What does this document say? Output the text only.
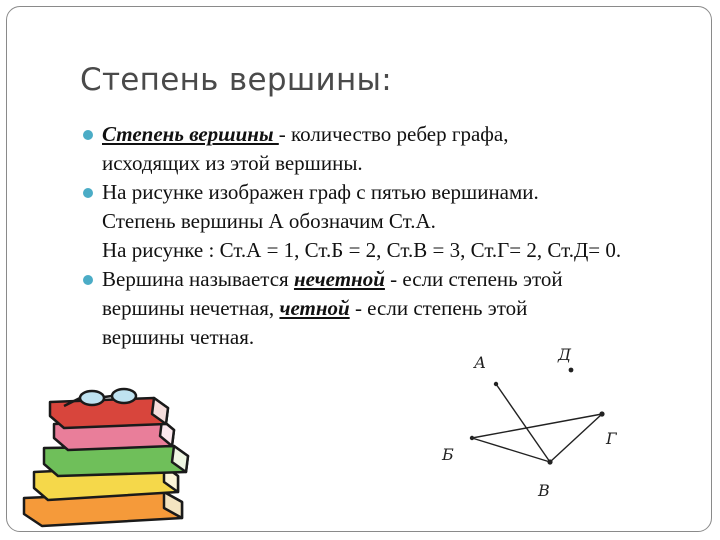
Степень вершины:
Степень вершины - количество ребер графа,
исходящих из этой вершины.
На рисунке изображен граф с пятью вершинами.
Степень вершины А обозначим Ст.А.
На рисунке : Ст.А = 1, Ст.Б = 2, Ст.В = 3, Ст.Г= 2, Ст.Д= 0.
Вершина называется нечетной - если степень этой
вершины нечетная, четной - если степень этой
вершины четная.
А
Б
В
Г
Д
